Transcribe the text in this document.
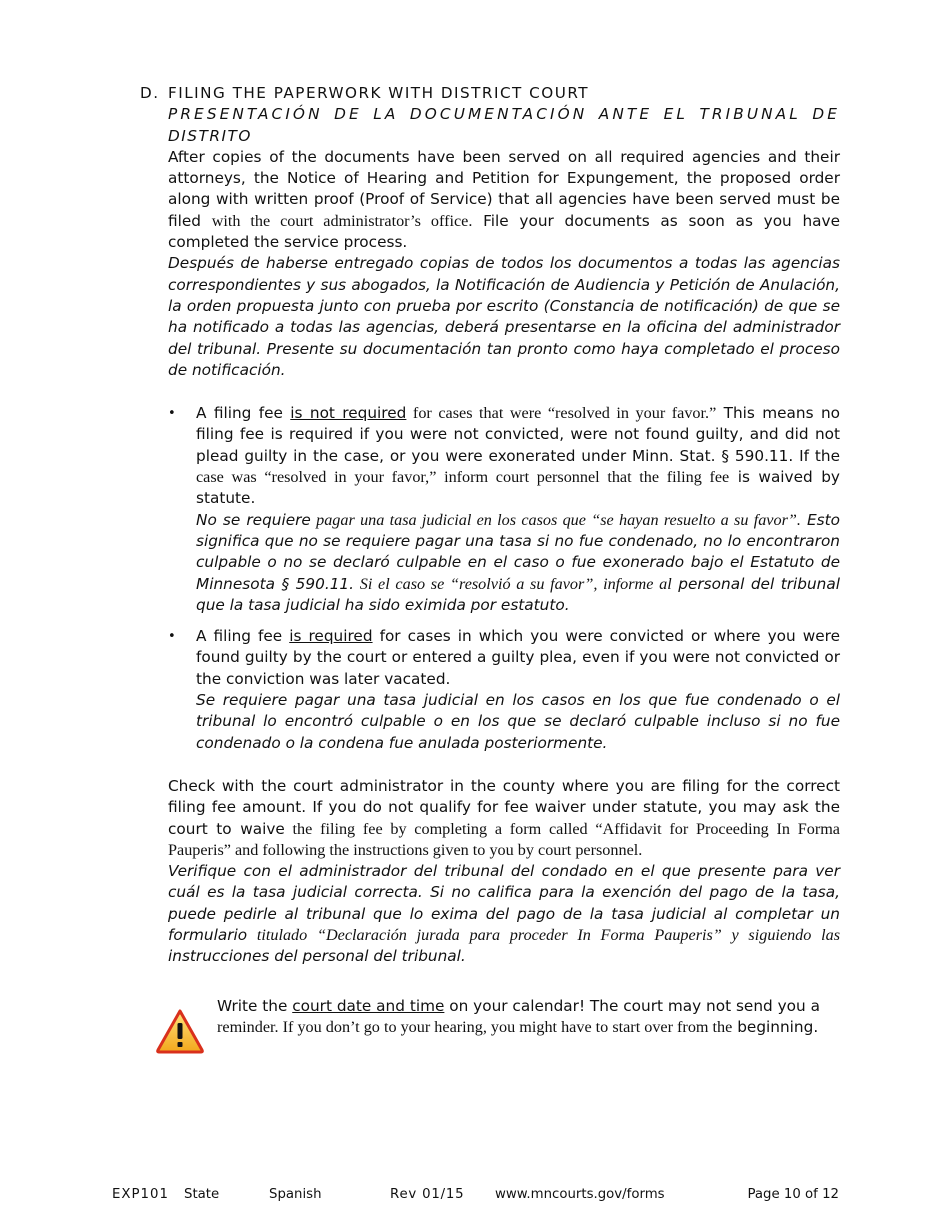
D. FILING THE PAPERWORK WITH DISTRICT COURT
PRESENTACIÓN DE LA DOCUMENTACIÓN ANTE EL TRIBUNAL DE
DISTRITO

After copies of the documents have been served on all required agencies and their attorneys, the Notice of Hearing and Petition for Expungement, the proposed order along with written proof (Proof of Service) that all agencies have been served must be filed with the court administrator’s office. File your documents as soon as you have completed the service process.

Después de haberse entregado copias de todos los documentos a todas las agencias correspondientes y sus abogados, la Notificación de Audiencia y Petición de Anulación, la orden propuesta junto con prueba por escrito (Constancia de notificación) de que se ha notificado a todas las agencias, deberá presentarse en la oficina del administrador del tribunal. Presente su documentación tan pronto como haya completado el proceso de notificación.

• A filing fee is not required for cases that were “resolved in your favor.” This means no filing fee is required if you were not convicted, were not found guilty, and did not plead guilty in the case, or you were exonerated under Minn. Stat. § 590.11. If the case was “resolved in your favor,” inform court personnel that the filing fee is waived by statute.

No se requiere pagar una tasa judicial en los casos que “se hayan resuelto a su favor”. Esto significa que no se requiere pagar una tasa si no fue condenado, no lo encontraron culpable o no se declaró culpable en el caso o fue exonerado bajo el Estatuto de Minnesota § 590.11. Si el caso se “resolvió a su favor”, informe al personal del tribunal que la tasa judicial ha sido eximida por estatuto.

• A filing fee is required for cases in which you were convicted or where you were found guilty by the court or entered a guilty plea, even if you were not convicted or the conviction was later vacated.

Se requiere pagar una tasa judicial en los casos en los que fue condenado o el tribunal lo encontró culpable o en los que se declaró culpable incluso si no fue condenado o la condena fue anulada posteriormente.

Check with the court administrator in the county where you are filing for the correct filing fee amount. If you do not qualify for fee waiver under statute, you may ask the court to waive the filing fee by completing a form called “Affidavit for Proceeding In Forma Pauperis” and following the instructions given to you by court personnel.

Verifique con el administrador del tribunal del condado en el que presente para ver cuál es la tasa judicial correcta. Si no califica para la exención del pago de la tasa, puede pedirle al tribunal que lo exima del pago de la tasa judicial al completar un formulario titulado “Declaración jurada para proceder In Forma Pauperis” y siguiendo las instrucciones del personal del tribunal.

Write the court date and time on your calendar! The court may not send you a reminder. If you don’t go to your hearing, you might have to start over from the beginning.
EXP101 State	Spanish	Rev 01/15 www.mncourts.gov/forms	Page 10 of 12
